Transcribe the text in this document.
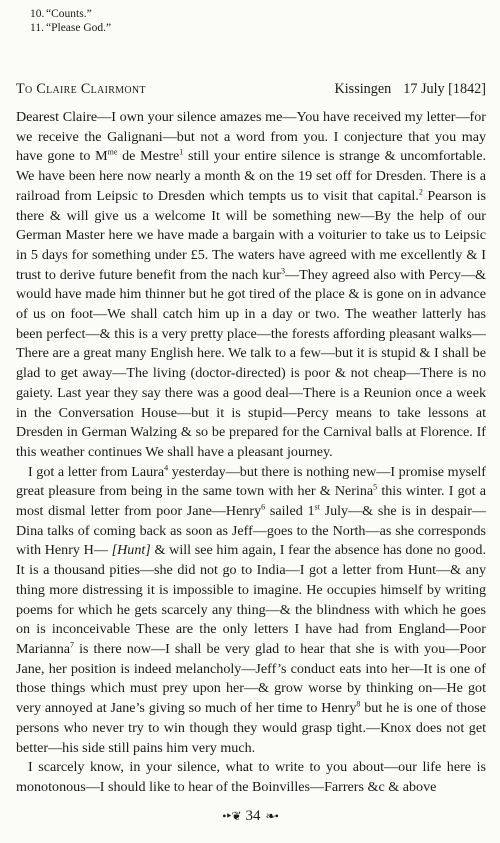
10. “Counts.”
11. “Please God.”
To Claire Clairmont	Kissingen 17 July [1842]

Dearest Claire—I own your silence amazes me—You have received my letter—for we receive the Galignani—but not a word from you. I conjecture that you may have gone to $M^{me}$ de Mestre$^1$ still your entire silence is strange & uncomfortable. We have been here now nearly a month & on the 19 set off for Dresden. There is a railroad from Leipsic to Dresden which tempts us to visit that capital.$^2$ Pearson is there & will give us a welcome It will be something new—By the help of our German Master here we have made a bargain with a voiturier to take us to Leipsic in 5 days for something under £5. The waters have agreed with me excellently & I trust to derive future benefit from the nach kur$^3$—They agreed also with Percy—& would have made him thinner but he got tired of the place & is gone on in advance of us on foot—We shall catch him up in a day or two. The weather latterly has been perfect—& this is a very pretty place—the forests affording pleasant walks—There are a great many English here. We talk to a few—but it is stupid & I shall be glad to get away—The living (doctor-directed) is poor & not cheap—There is no gaiety. Last year they say there was a good deal—There is a Reunion once a week in the Conversation House—but it is stupid—Percy means to take lessons at Dresden in German Walzing & so be prepared for the Carnival balls at Florence. If this weather continues We shall have a pleasant journey.

I got a letter from Laura$^4$ yesterday—but there is nothing new—I promise myself great pleasure from being in the same town with her & Nerina$^5$ this winter. I got a most dismal letter from poor Jane—Henry$^6$ sailed 1st July—& she is in despair—Dina talks of coming back as soon as Jeff—goes to the North—as she corresponds with Henry H— [Hunt] & will see him again, I fear the absence has done no good. It is a thousand pities—she did not go to India—I got a letter from Hunt—& any thing more distressing it is impossible to imagine. He occupies himself by writing poems for which he gets scarcely any thing—& the blindness with which he goes on is inconceivable These are the only letters I have had from England—Poor Marianna$^7$ is there now—I shall be very glad to hear that she is with you—Poor Jane, her position is indeed melancholy—Jeff’s conduct eats into her—It is one of those things which must prey upon her—& grow worse by thinking on—He got very annoyed at Jane’s giving so much of her time to Henry$^8$ but he is one of those persons who never try to win though they would grasp tight.—Knox does not get better—his side still pains him very much.

I scarcely know, in your silence, what to write to you about—our life here is monotonous—I should like to hear of the Boinvilles—Farrers &c & above

•‣❦ 34 ❧•
